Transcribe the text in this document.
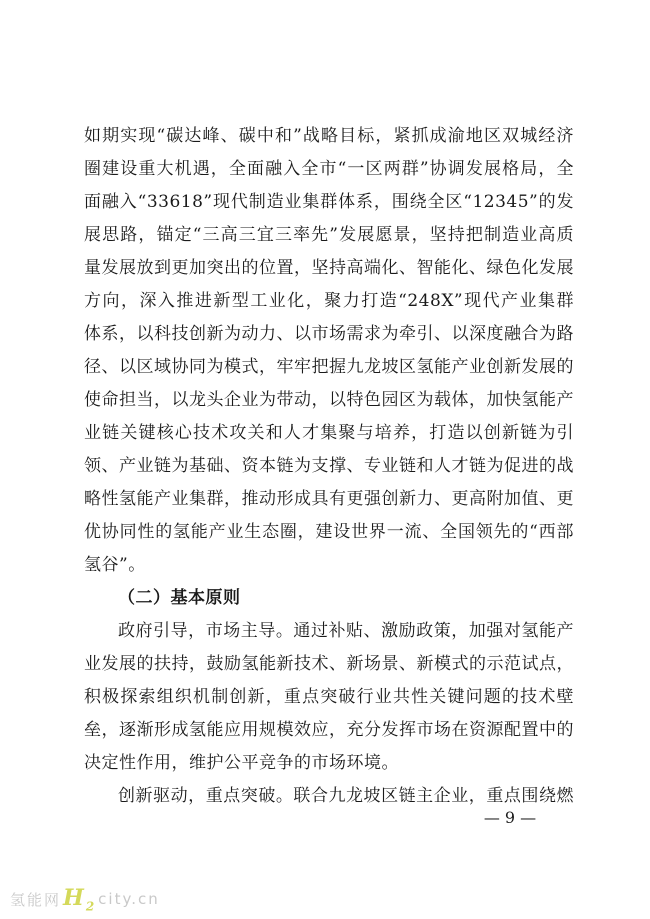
如期实现“碳达峰、碳中和”战略目标，紧抓成渝地区双城经济
圈建设重大机遇，全面融入全市“一区两群”协调发展格局，全
面融入“33618”现代制造业集群体系，围绕全区“12345”的发
展思路，锚定“三高三宜三率先”发展愿景，坚持把制造业高质
量发展放到更加突出的位置，坚持高端化、智能化、绿色化发展
方向，深入推进新型工业化，聚力打造“248X”现代产业集群
体系，以科技创新为动力、以市场需求为牵引、以深度融合为路
径、以区域协同为模式，牢牢把握九龙坡区氢能产业创新发展的
使命担当，以龙头企业为带动，以特色园区为载体，加快氢能产
业链关键核心技术攻关和人才集聚与培养，打造以创新链为引
领、产业链为基础、资本链为支撑、专业链和人才链为促进的战
略性氢能产业集群，推动形成具有更强创新力、更高附加值、更
优协同性的氢能产业生态圈，建设世界一流、全国领先的“西部
氢谷”。
（二）基本原则
政府引导，市场主导。通过补贴、激励政策，加强对氢能产
业发展的扶持，鼓励氢能新技术、新场景、新模式的示范试点，
积极探索组织机制创新，重点突破行业共性关键问题的技术壁
垒，逐渐形成氢能应用规模效应，充分发挥市场在资源配置中的
决定性作用，维护公平竞争的市场环境。
创新驱动，重点突破。联合九龙坡区链主企业，重点围绕燃
— 9 —
氢能网 $H_2$ city.cn
